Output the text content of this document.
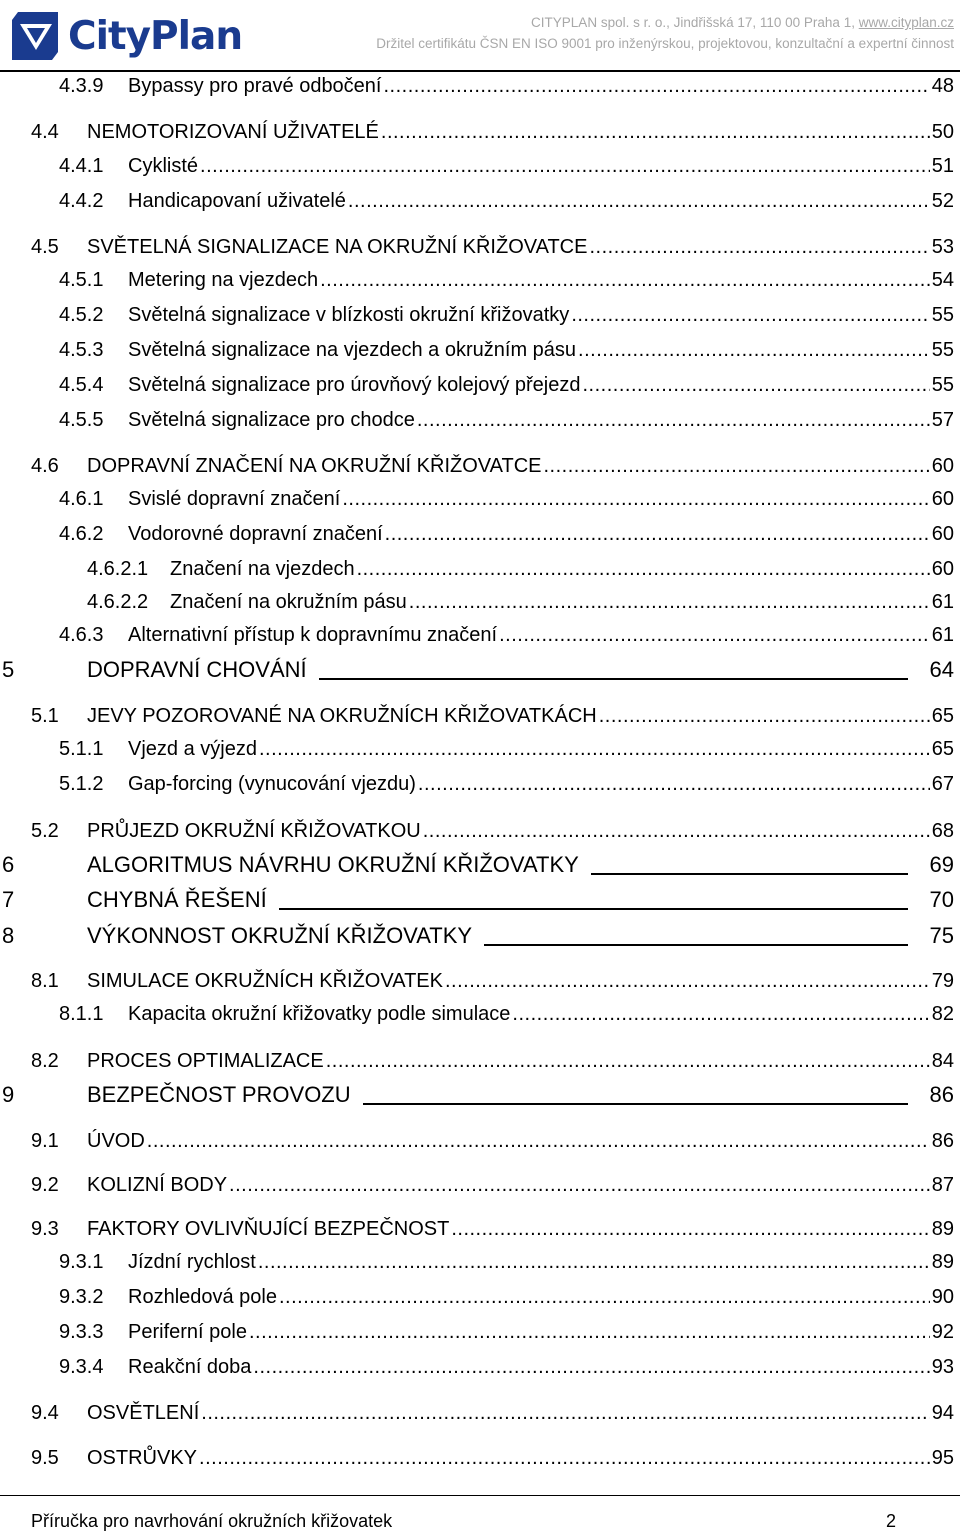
CityPlan	CITYPLAN spol. s r. o., Jindřišská 17, 110 00 Praha 1, www.cityplan.cz
Držitel certifikátu ČSN EN ISO 9001 pro inženýrskou, projektovou, konzultační a expertní činnost
4.3.9 Bypassy pro pravé odbočení .....	48
4.4 NEMOTORIZOVANÍ UŽIVATELÉ .....	50
4.4.1 Cyklisté .....	51
4.4.2 Handicapovaní uživatelé .....	52
4.5 SVĚTELNÁ SIGNALIZACE NA OKRUŽNÍ KŘIŽOVATCE .....	53
4.5.1 Metering na vjezdech .....	54
4.5.2 Světelná signalizace v blízkosti okružní křižovatky .....	55
4.5.3 Světelná signalizace na vjezdech a okružním pásu .....	55
4.5.4 Světelná signalizace pro úrovňový kolejový přejezd .....	55
4.5.5 Světelná signalizace pro chodce .....	57
4.6 DOPRAVNÍ ZNAČENÍ NA OKRUŽNÍ KŘIŽOVATCE .....	60
4.6.1 Svislé dopravní značení .....	60
4.6.2 Vodorovné dopravní značení .....	60
4.6.2.1 Značení na vjezdech .....	60
4.6.2.2 Značení na okružním pásu .....	61
4.6.3 Alternativní přístup k dopravnímu značení .....	61
5	DOPRAVNÍ CHOVÁNÍ	64
5.1 JEVY POZOROVANÉ NA OKRUŽNÍCH KŘIŽOVATKÁCH .....	65
5.1.1 Vjezd a výjezd .....	65
5.1.2 Gap-forcing (vynucování vjezdu) .....	67
5.2 PRŮJEZD OKRUŽNÍ KŘIŽOVATKOU .....	68
6	ALGORITMUS NÁVRHU OKRUŽNÍ KŘIŽOVATKY	69
7	CHYBNÁ ŘEŠENÍ	70
8	VÝKONNOST OKRUŽNÍ KŘIŽOVATKY	75
8.1 SIMULACE OKRUŽNÍCH KŘIŽOVATEK .....	79
8.1.1 Kapacita okružní křižovatky podle simulace .....	82
8.2 PROCES OPTIMALIZACE .....	84
9	BEZPEČNOST PROVOZU	86
9.1 ÚVOD .....	86
9.2 KOLIZNÍ BODY .....	87
9.3 FAKTORY OVLIVŇUJÍCÍ BEZPEČNOST .....	89
9.3.1 Jízdní rychlost .....	89
9.3.2 Rozhledová pole .....	90
9.3.3 Periferní pole .....	92
9.3.4 Reakční doba .....	93
9.4 OSVĚTLENÍ .....	94
9.5 OSTRŮVKY .....	95
Příručka pro navrhování okružních křižovatek	2
